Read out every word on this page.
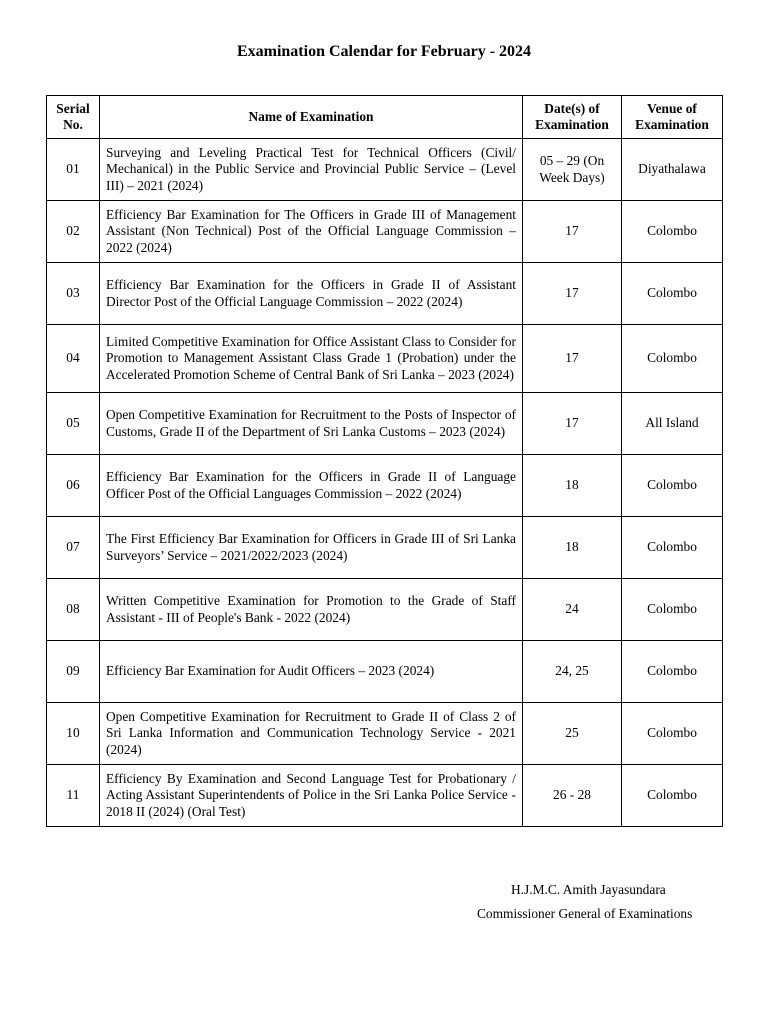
Examination Calendar for February - 2024
Serial No.	Name of Examination	Date(s) of Examination	Venue of Examination
01	Surveying and Leveling Practical Test for Technical Officers (Civil/ Mechanical) in the Public Service and Provincial Public Service – (Level III) – 2021 (2024)	05 – 29 (On Week Days)	Diyathalawa
02	Efficiency Bar Examination for The Officers in Grade III of Management Assistant (Non Technical) Post of the Official Language Commission – 2022 (2024)	17	Colombo
03	Efficiency Bar Examination for the Officers in Grade II of Assistant Director Post of the Official Language Commission – 2022 (2024)	17	Colombo
04	Limited Competitive Examination for Office Assistant Class to Consider for Promotion to Management Assistant Class Grade 1 (Probation) under the Accelerated Promotion Scheme of Central Bank of Sri Lanka – 2023 (2024)	17	Colombo
05	Open Competitive Examination for Recruitment to the Posts of Inspector of Customs, Grade II of the Department of Sri Lanka Customs – 2023 (2024)	17	All Island
06	Efficiency Bar Examination for the Officers in Grade II of Language Officer Post of the Official Languages Commission – 2022 (2024)	18	Colombo
07	The First Efficiency Bar Examination for Officers in Grade III of Sri Lanka Surveyors’ Service – 2021/2022/2023 (2024)	18	Colombo
08	Written Competitive Examination for Promotion to the Grade of Staff Assistant - III of People's Bank - 2022 (2024)	24	Colombo
09	Efficiency Bar Examination for Audit Officers – 2023 (2024)	24, 25	Colombo
10	Open Competitive Examination for Recruitment to Grade II of Class 2 of Sri Lanka Information and Communication Technology Service - 2021 (2024)	25	Colombo
11	Efficiency By Examination and Second Language Test for Probationary / Acting Assistant Superintendents of Police in the Sri Lanka Police Service - 2018 II (2024) (Oral Test)	26 - 28	Colombo
H.J.M.C. Amith Jayasundara
Commissioner General of Examinations
